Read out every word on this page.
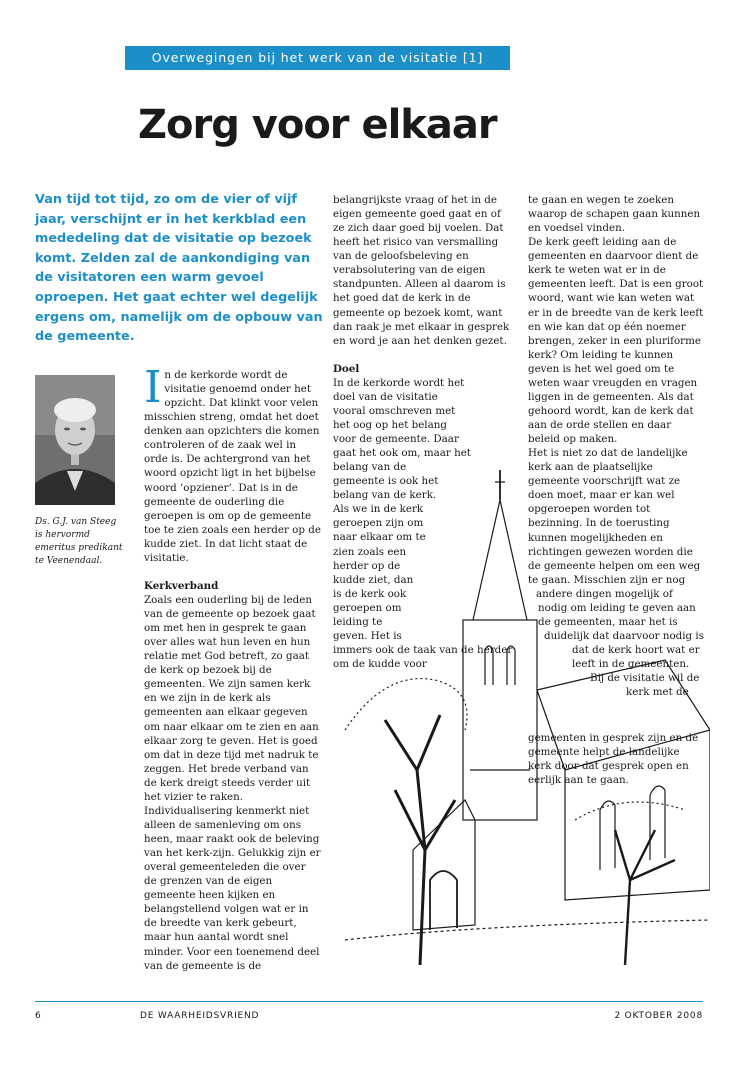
Overwegingen bij het werk van de visitatie [1]
Zorg voor elkaar

Van tijd tot tijd, zo om de vier of vijf jaar, verschijnt er in het kerkblad een mededeling dat de visitatie op bezoek komt. Zelden zal de aankondiging van de visitatoren een warm gevoel oproepen. Het gaat echter wel degelijk ergens om, namelijk om de opbouw van de gemeente.

Ds. G.J. van Steeg is hervormd emeritus predikant te Veenendaal.

I n de kerkorde wordt de visitatie genoemd onder het opzicht. Dat klinkt voor velen misschien streng, omdat het doet denken aan opzichters die komen controleren of de zaak wel in orde is. De achtergrond van het woord opzicht ligt in het bijbelse woord ‘opziener’. Dat is in de gemeente de ouderling die geroepen is om op de gemeente toe te zien zoals een herder op de kudde ziet. In dat licht staat de visitatie.

Kerkverband

Zoals een ouderling bij de leden van de gemeente op bezoek gaat om met hen in gesprek te gaan over alles wat hun leven en hun relatie met God betreft, zo gaat de kerk op bezoek bij de gemeenten. We zijn samen kerk en we zijn in de kerk als gemeenten aan elkaar gegeven om naar elkaar om te zien en aan elkaar zorg te geven. Het is goed om dat in deze tijd met nadruk te zeggen. Het brede verband van de kerk dreigt steeds verder uit het vizier te raken.

Individualisering kenmerkt niet alleen de samenleving om ons heen, maar raakt ook de beleving van het kerk-zijn. Gelukkig zijn er overal gemeenteleden die over de grenzen van de eigen gemeente heen kijken en belangstellend volgen wat er in de breedte van kerk gebeurt, maar hun aantal wordt snel minder. Voor een toenemend deel van de gemeente is de

belangrijkste vraag of het in de eigen gemeente goed gaat en of ze zich daar goed bij voelen. Dat heeft het risico van versmalling van de geloofsbeleving en verabsolutering van de eigen standpunten. Alleen al daarom is het goed dat de kerk in de gemeente op bezoek komt, want dan raak je met elkaar in gesprek en word je aan het denken gezet.

Doel

In de kerkorde wordt het doel van de visitatie vooral omschreven met het oog op het belang voor de gemeente. Daar gaat het ook om, maar het belang van de gemeente is ook het belang van de kerk. Als we in de kerk geroepen zijn om naar elkaar om te zien zoals een herder op de kudde ziet, dan is de kerk ook geroepen om leiding te geven. Het is immers ook de taak van de herder om de kudde voor

te gaan en wegen te zoeken waarop de schapen gaan kunnen en voedsel vinden.

De kerk geeft leiding aan de gemeenten en daarvoor dient de kerk te weten wat er in de gemeenten leeft. Dat is een groot woord, want wie kan weten wat er in de breedte van de kerk leeft en wie kan dat op één noemer brengen, zeker in een pluriforme kerk? Om leiding te kunnen geven is het wel goed om te weten waar vreugden en vragen liggen in de gemeenten. Als dat gehoord wordt, kan de kerk dat aan de orde stellen en daar beleid op maken.

Het is niet zo dat de landelijke kerk aan de plaatselijke gemeente voorschrijft wat ze doen moet, maar er kan wel opgeroepen worden tot bezinning. In de toerusting kunnen mogelijkheden en richtingen gewezen worden die de gemeente helpen om een weg te gaan. Misschien zijn er nog andere dingen mogelijk of nodig om leiding te geven aan de gemeenten, maar het is duidelijk dat daarvoor nodig is dat de kerk hoort wat er leeft in de gemeenten. Bij de visitatie wil de kerk met de gemeenten in gesprek zijn en de gemeente helpt de landelijke kerk door dat gesprek open en eerlijk aan te gaan.

6	DE WAARHEIDSVRIEND	2 OKTOBER 2008
